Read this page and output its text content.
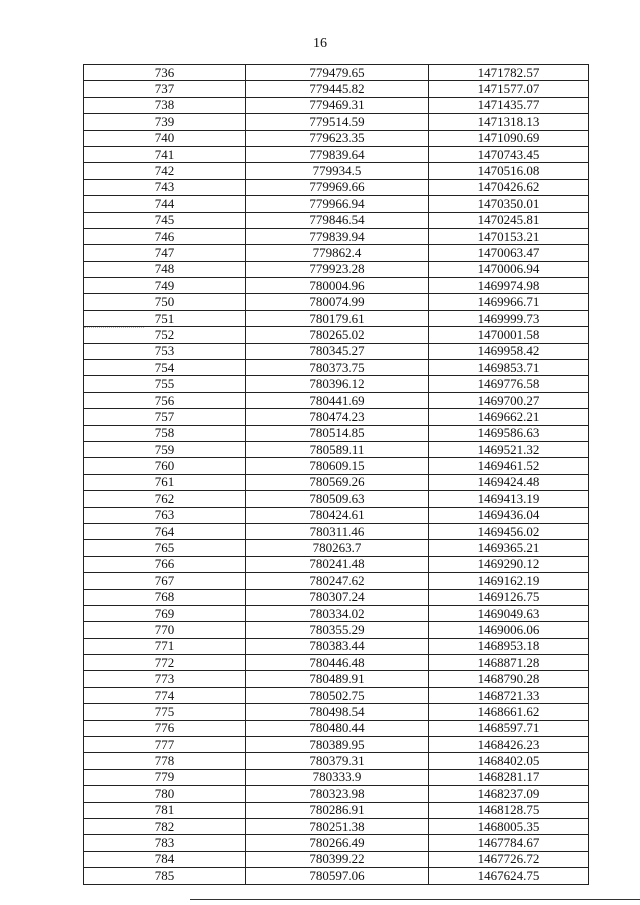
16
736	779479.65	1471782.57
737	779445.82	1471577.07
738	779469.31	1471435.77
739	779514.59	1471318.13
740	779623.35	1471090.69
741	779839.64	1470743.45
742	779934.5	1470516.08
743	779969.66	1470426.62
744	779966.94	1470350.01
745	779846.54	1470245.81
746	779839.94	1470153.21
747	779862.4	1470063.47
748	779923.28	1470006.94
749	780004.96	1469974.98
750	780074.99	1469966.71
751	780179.61	1469999.73
752	780265.02	1470001.58
753	780345.27	1469958.42
754	780373.75	1469853.71
755	780396.12	1469776.58
756	780441.69	1469700.27
757	780474.23	1469662.21
758	780514.85	1469586.63
759	780589.11	1469521.32
760	780609.15	1469461.52
761	780569.26	1469424.48
762	780509.63	1469413.19
763	780424.61	1469436.04
764	780311.46	1469456.02
765	780263.7	1469365.21
766	780241.48	1469290.12
767	780247.62	1469162.19
768	780307.24	1469126.75
769	780334.02	1469049.63
770	780355.29	1469006.06
771	780383.44	1468953.18
772	780446.48	1468871.28
773	780489.91	1468790.28
774	780502.75	1468721.33
775	780498.54	1468661.62
776	780480.44	1468597.71
777	780389.95	1468426.23
778	780379.31	1468402.05
779	780333.9	1468281.17
780	780323.98	1468237.09
781	780286.91	1468128.75
782	780251.38	1468005.35
783	780266.49	1467784.67
784	780399.22	1467726.72
785	780597.06	1467624.75
